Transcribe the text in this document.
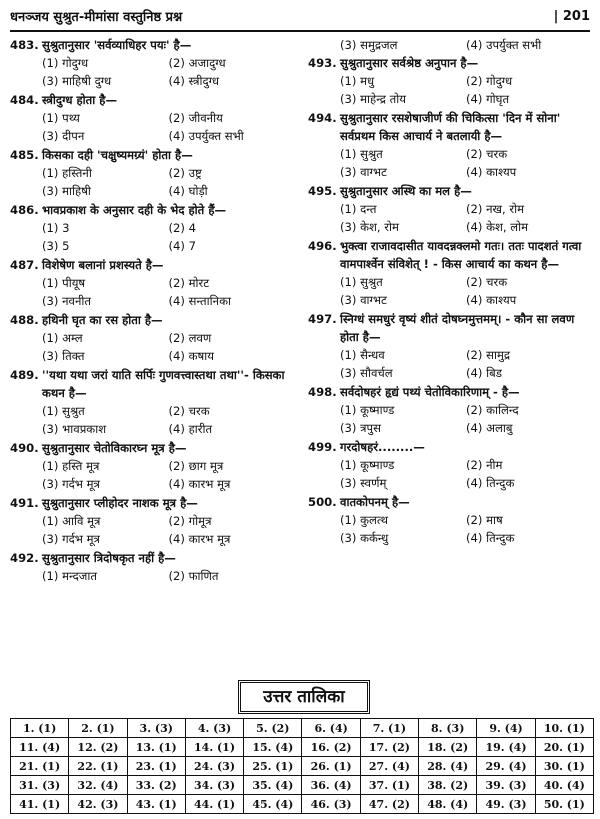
धनञ्जय सुश्रुत-मीमांसा वस्तुनिष्ठ प्रश्न	| 201
483. सुश्रुतानुसार 'सर्वव्याधिहर पयः' है—
(1) गोदुग्ध	(2) अजादुग्ध
(3) माहिषी दुग्ध	(4) स्त्रीदुग्ध
484. स्त्रीदुग्ध होता है—
(1) पथ्य	(2) जीवनीय
(3) दीपन	(4) उपर्युक्त सभी
485. किसका दही 'चक्षुष्यमग्र्यं' होता है—
(1) हस्तिनी	(2) उष्ट्र
(3) माहिषी	(4) घोड़ी
486. भावप्रकाश के अनुसार दही के भेद होते हैं—
(1) 3	(2) 4
(3) 5	(4) 7
487. विशेषेण बलानां प्रशस्यते है—
(1) पीयूष	(2) मोरट
(3) नवनीत	(4) सन्तानिका
488. हथिनी घृत का रस होता है—
(1) अम्ल	(2) लवण
(3) तिक्त	(4) कषाय
489. ''यथा यथा जरां याति सर्पिः गुणवत्त्वास्तथा तथा''- किसका कथन है—
(1) सुश्रुत	(2) चरक
(3) भावप्रकाश	(4) हारीत
490. सुश्रुतानुसार चेतोविकारघ्न मूत्र है—
(1) हस्ति मूत्र	(2) छाग मूत्र
(3) गर्दभ मूत्र	(4) कारभ मूत्र
491. सुश्रुतानुसार प्लीहोदर नाशक मूत्र है—
(1) आवि मूत्र	(2) गोमूत्र
(3) गर्दभ मूत्र	(4) कारभ मूत्र
492. सुश्रुतानुसार त्रिदोषकृत नहीं है—
(1) मन्दजात	(2) फाणित
(3) समुद्रजल	(4) उपर्युक्त सभी
493. सुश्रुतानुसार सर्वश्रेष्ठ अनुपान है—
(1) मधु	(2) गोदुग्ध
(3) माहेन्द्र तोय	(4) गोघृत
494. सुश्रुतानुसार रसशेषाजीर्ण की चिकित्सा 'दिन में सोना' सर्वप्रथम किस आचार्य ने बतलायी है—
(1) सुश्रुत	(2) चरक
(3) वाग्भट	(4) काश्यप
495. सुश्रुतानुसार अस्थि का मल है—
(1) दन्त	(2) नख, रोम
(3) केश, रोम	(4) केश, लोम
496. भुक्त्वा राजावदासीत यावदन्नक्लमो गतः। ततः पादशतं गत्वा वामपार्श्वेन संविशेत् ! - किस आचार्य का कथन है—
(1) सुश्रुत	(2) चरक
(3) वाग्भट	(4) काश्यप
497. स्निग्धं समधुरं वृष्यं शीतं दोषघ्नमुत्तमम्। - कौन सा लवण होता है—
(1) सैन्धव	(2) सामुद्र
(3) सौवर्चल	(4) बिड
498. सर्वदोषहरं हृद्यं पथ्यं चेतोविकारिणाम् - है—
(1) कूष्माण्ड	(2) कालिन्द
(3) त्रपुस	(4) अलाबु
499. गरदोषहरं........—
(1) कूष्माण्ड	(2) नीम
(3) स्वर्णम्	(4) तिन्दुक
500. वातकोपनम् है—
(1) कुलत्थ	(2) माष
(3) कर्कन्धु	(4) तिन्दुक
उत्तर तालिका
1. (1)	2. (1)	3. (3)	4. (3)	5. (2)	6. (4)	7. (1)	8. (3)	9. (4)	10. (1)
11. (4)	12. (2)	13. (1)	14. (1)	15. (4)	16. (2)	17. (2)	18. (2)	19. (4)	20. (1)
21. (1)	22. (1)	23. (1)	24. (3)	25. (1)	26. (1)	27. (4)	28. (4)	29. (4)	30. (1)
31. (3)	32. (4)	33. (2)	34. (3)	35. (4)	36. (4)	37. (1)	38. (2)	39. (3)	40. (4)
41. (1)	42. (3)	43. (1)	44. (1)	45. (4)	46. (3)	47. (2)	48. (4)	49. (3)	50. (1)
